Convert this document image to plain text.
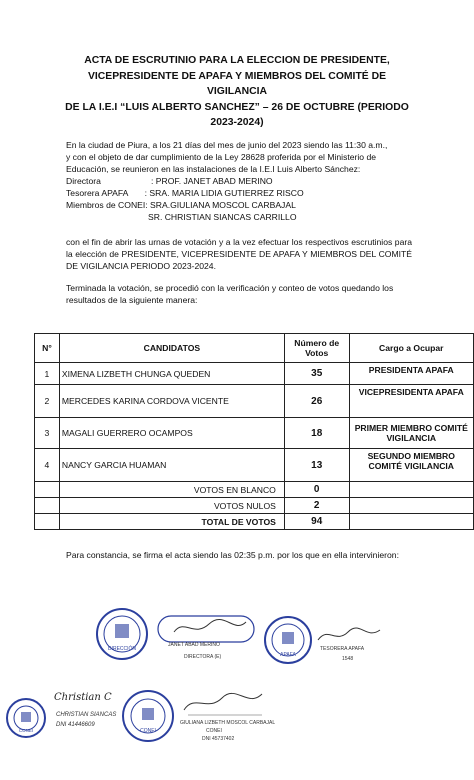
ACTA DE ESCRUTINIO PARA LA ELECCION DE PRESIDENTE,
VICEPRESIDENTE DE APAFA Y MIEMBROS DEL COMITÉ DE VIGILANCIA
DE LA I.E.I “LUIS ALBERTO SANCHEZ” – 26 DE OCTUBRE (PERIODO
2023-2024)
En la ciudad de Piura, a los 21 días del mes de junio del 2023 siendo las 11:30 a.m.,
y con el objeto de dar cumplimiento de la Ley 28628 proferida por el Ministerio de
Educación, se reunieron en las instalaciones de la I.E.I Luis Alberto Sánchez:
Directora                     : PROF. JANET ABAD MERINO
Tesorera APAFA       : SRA. MARIA LIDIA GUTIERREZ RISCO
Miembros de CONEI: SRA.GIULIANA MOSCOL CARBAJAL
SR. CHRISTIAN SIANCAS CARRILLO
con el fin de abrir las urnas de votación y a la vez efectuar los respectivos escrutinios para la elección de PRESIDENTE, VICEPRESIDENTE DE APAFA Y MIEMBROS DEL COMITÉ DE VIGILANCIA PERIODO 2023-2024.
Terminada la votación, se procedió con la verificación y conteo de votos quedando los resultados de la siguiente manera:
N°	CANDIDATOS	Número de Votos	Cargo a Ocupar
1	XIMENA LIZBETH CHUNGA QUEDEN	35	PRESIDENTA APAFA
2	MERCEDES KARINA CORDOVA VICENTE	26	VICEPRESIDENTA APAFA
3	MAGALI GUERRERO OCAMPOS	18	PRIMER MIEMBRO COMITÉ VIGILANCIA
4	NANCY GARCIA HUAMAN	13	SEGUNDO MIEMBRO COMITÉ VIGILANCIA
	VOTOS EN BLANCO	0	
	VOTOS NULOS	2	
	TOTAL DE VOTOS	94	
Para constancia, se firma el acta siendo las 02:35 p.m. por los que en ella intervinieron:
DIRECCIÓN
JANET ABAD MERINO
DIRECTORA (E)	APAFA
TESORERA APAFA
1548
CONEI
Christian C
CHRISTIAN SIANCAS
DNI 41446609
CONEI
GIULIANA LIZBETH MOSCOL CARBAJAL
CONEI
DNI 45737402
